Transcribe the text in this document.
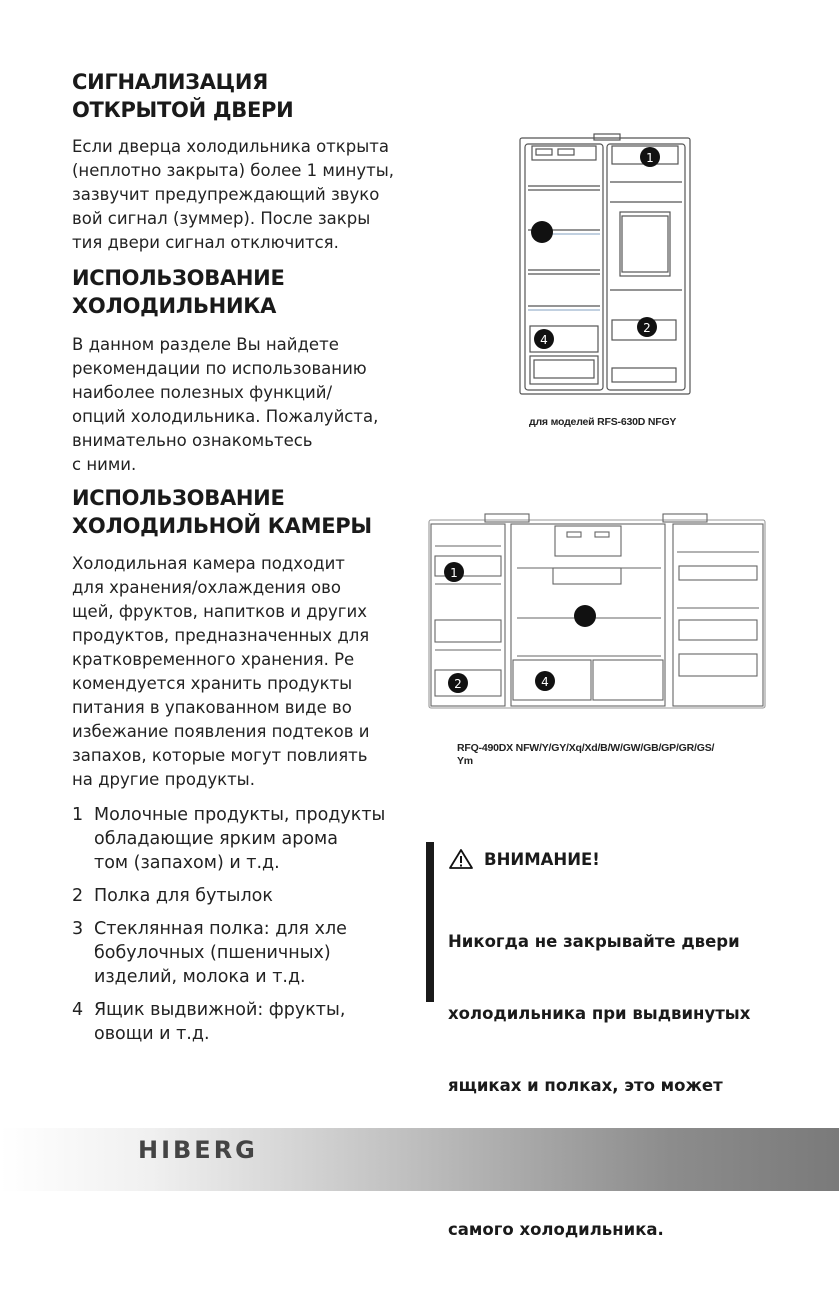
СИГНАЛИЗАЦИЯ
ОТКРЫТОЙ ДВЕРИ

Если дверца холодильника открыта
(неплотно закрыта) более 1 минуты,
зазвучит предупреждающий звуко
вой сигнал (зуммер). После закры
тия двери сигнал отключится.

ИСПОЛЬЗОВАНИЕ
ХОЛОДИЛЬНИКА

В данном разделе Вы найдете
рекомендации по использованию
наиболее полезных функций/
опций холодильника. Пожалуйста,
внимательно ознакомьтесь
с ними.

ИСПОЛЬЗОВАНИЕ
ХОЛОДИЛЬНОЙ КАМЕРЫ

Холодильная камера подходит
для хранения/охлаждения ово
щей, фруктов, напитков и других
продуктов, предназначенных для
кратковременного хранения. Ре
комендуется хранить продукты
питания в упакованном виде во
избежание появления подтеков и
запахов, которые могут повлиять
на другие продукты.

1 Молочные продукты, продукты
обладающие ярким арома
том (запахом) и т.д.
2 Полка для бутылок
3 Стеклянная полка: для хле
бобулочных (пшеничных)
изделий, молока и т.д.
4 Ящик выдвижной: фрукты,
овощи и т.д.
1
2
4
для моделей RFS-630D NFGY
1
2	4
RFQ-490DX NFW/Y/GY/Xq/Xd/B/W/GW/GB/GP/GR/GS/
Ym
ВНИМАНИЕ!

Никогда не закрывайте двери

холодильника при выдвинутых

ящиках и полках, это может

самого холодильника.

HIBERG
